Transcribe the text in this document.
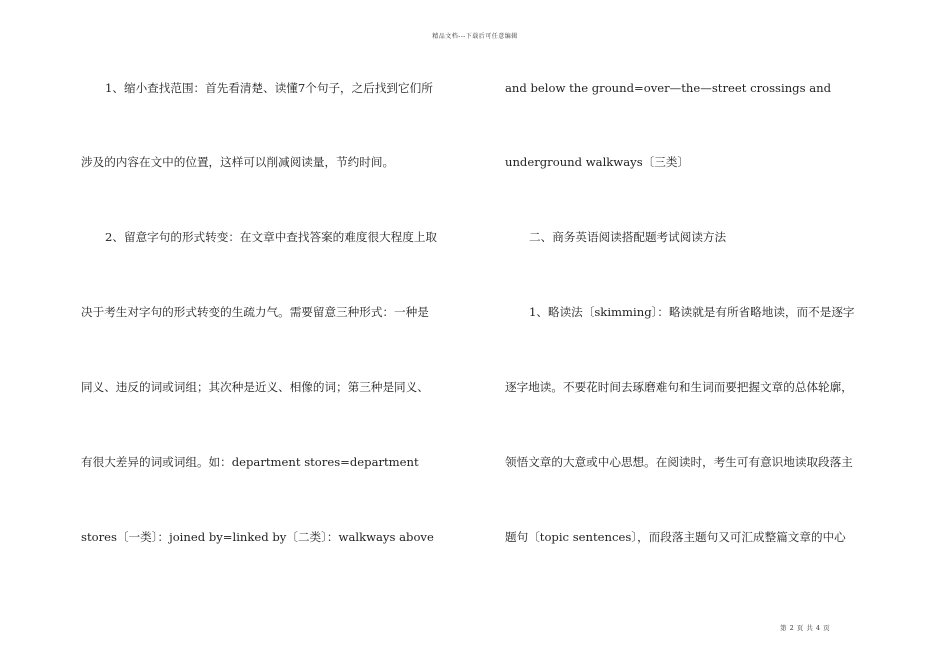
精品文档---下载后可任意编辑
1、缩小查找范围：首先看清楚、读懂7个句子，之后找到它们所
涉及的内容在文中的位置，这样可以削减阅读量，节约时间。
2、留意字句的形式转变：在文章中查找答案的难度很大程度上取
决于考生对字句的形式转变的生疏力气。需要留意三种形式：一种是
同义、违反的词或词组；其次种是近义、相像的词；第三种是同义、
有很大差异的词或词组。如：department stores=department
stores〔一类〕：joined by=linked by〔二类〕：walkways above
and below the ground=over—the—street crossings and
underground walkways〔三类〕
二、商务英语阅读搭配题考试阅读方法
1、略读法〔skimming〕：略读就是有所省略地读，而不是逐字
逐字地读。不要花时间去琢磨难句和生词而要把握文章的总体轮廓，
领悟文章的大意或中心思想。在阅读时，考生可有意识地读取段落主
题句〔topic sentences〕，而段落主题句又可汇成整篇文章的中心
第 2 页 共 4 页
